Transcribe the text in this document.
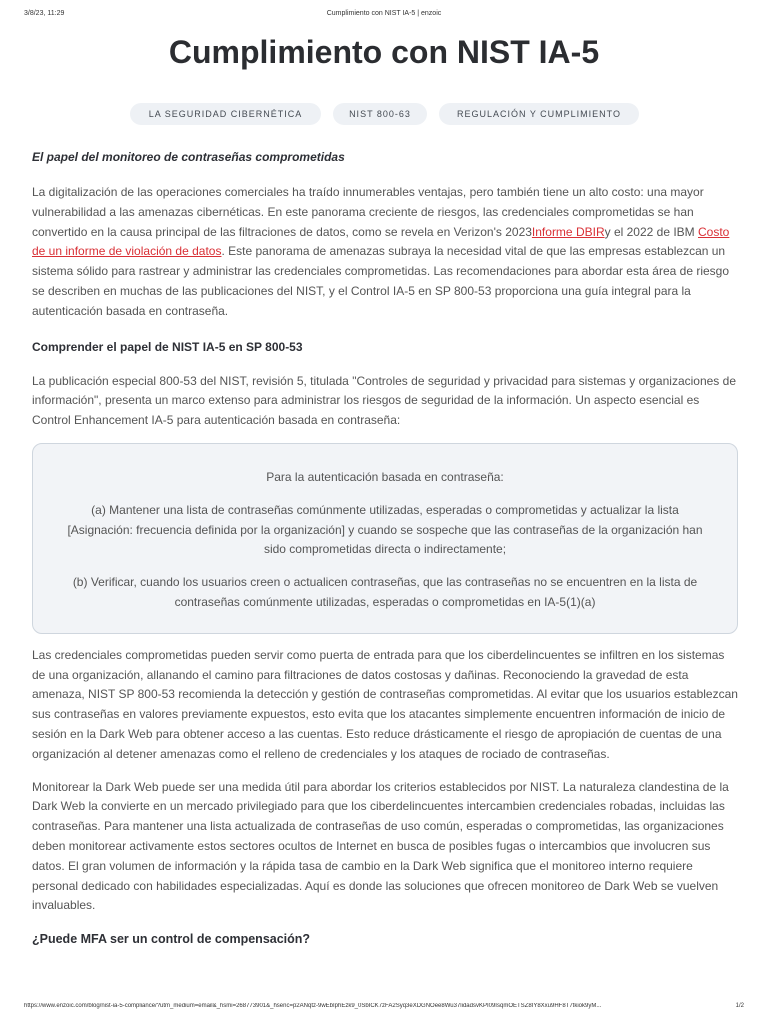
3/8/23, 11:29	Cumplimiento con NIST IA-5 | enzoic
Cumplimiento con NIST IA-5
LA SEGURIDAD CIBERNÉTICA	NIST 800-63	REGULACIÓN Y CUMPLIMIENTO
El papel del monitoreo de contraseñas comprometidas

La digitalización de las operaciones comerciales ha traído innumerables ventajas, pero también tiene un alto costo: una mayor vulnerabilidad a las amenazas cibernéticas. En este panorama creciente de riesgos, las credenciales comprometidas se han convertido en la causa principal de las filtraciones de datos, como se revela en Verizon's 2023Informe DBIRy el 2022 de IBM Costo de un informe de violación de datos. Este panorama de amenazas subraya la necesidad vital de que las empresas establezcan un sistema sólido para rastrear y administrar las credenciales comprometidas. Las recomendaciones para abordar esta área de riesgo se describen en muchas de las publicaciones del NIST, y el Control IA-5 en SP 800-53 proporciona una guía integral para la autenticación basada en contraseña.

Comprender el papel de NIST IA-5 en SP 800-53

La publicación especial 800-53 del NIST, revisión 5, titulada "Controles de seguridad y privacidad para sistemas y organizaciones de información", presenta un marco extenso para administrar los riesgos de seguridad de la información. Un aspecto esencial es Control Enhancement IA-5 para autenticación basada en contraseña:

Para la autenticación basada en contraseña:

(a) Mantener una lista de contraseñas comúnmente utilizadas, esperadas o comprometidas y actualizar la lista [Asignación: frecuencia definida por la organización] y cuando se sospeche que las contraseñas de la organización han sido comprometidas directa o indirectamente;

(b) Verificar, cuando los usuarios creen o actualicen contraseñas, que las contraseñas no se encuentren en la lista de contraseñas comúnmente utilizadas, esperadas o comprometidas en IA-5(1)(a)

Las credenciales comprometidas pueden servir como puerta de entrada para que los ciberdelincuentes se infiltren en los sistemas de una organización, allanando el camino para filtraciones de datos costosas y dañinas. Reconociendo la gravedad de esta amenaza, NIST SP 800-53 recomienda la detección y gestión de contraseñas comprometidas. Al evitar que los usuarios establezcan sus contraseñas en valores previamente expuestos, esto evita que los atacantes simplemente encuentren información de inicio de sesión en la Dark Web para obtener acceso a las cuentas. Esto reduce drásticamente el riesgo de apropiación de cuentas de una organización al detener amenazas como el relleno de credenciales y los ataques de rociado de contraseñas.

Monitorear la Dark Web puede ser una medida útil para abordar los criterios establecidos por NIST. La naturaleza clandestina de la Dark Web la convierte en un mercado privilegiado para que los ciberdelincuentes intercambien credenciales robadas, incluidas las contraseñas. Para mantener una lista actualizada de contraseñas de uso común, esperadas o comprometidas, las organizaciones deben monitorear activamente estos sectores ocultos de Internet en busca de posibles fugas o intercambios que involucren sus datos. El gran volumen de información y la rápida tasa de cambio en la Dark Web significa que el monitoreo interno requiere personal dedicado con habilidades especializadas. Aquí es donde las soluciones que ofrecen monitoreo de Dark Web se vuelven invaluables.

¿Puede MFA ser un control de compensación?
https://www.enzoic.com/blog/nist-ia-5-compliance/?utm_medium=email&_hsmi=268773901&_hsenc=p2ANqtz-9wEbIphEzk9_0SbICK7zFA2Syq3eXDGNOee8Wu37lidadsvKPI09IsqmOETSZ8IY8Xxu9HF8T7tkiok9yM...	1/2
